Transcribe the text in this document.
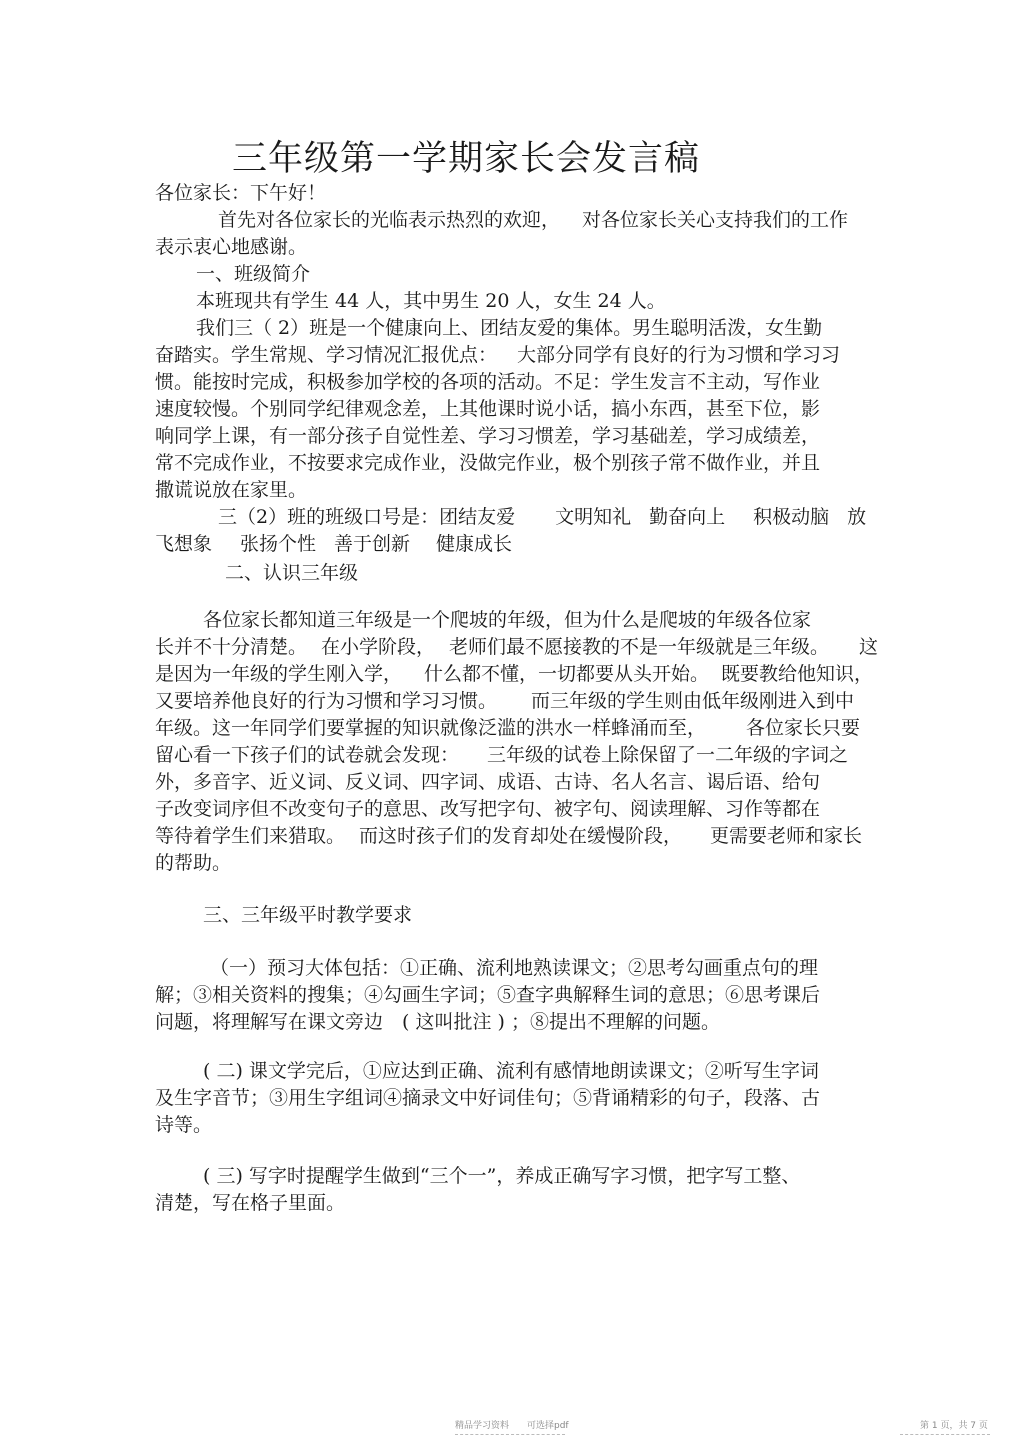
三年级第一学期家长会发言稿
各位家长：下午好！
首先对各位家长的光临表示热烈的欢迎， 对各位家长关心支持我们的工作
表示衷心地感谢。
一、班级简介
本班现共有学生 44 人，其中男生 20 人，女生 24 人。
我们三（ 2）班是一个健康向上、团结友爱的集体。男生聪明活泼，女生勤
奋踏实。学生常规、学习情况汇报优点： 大部分同学有良好的行为习惯和学习习
惯。能按时完成，积极参加学校的各项的活动。不足：学生发言不主动，写作业
速度较慢。个别同学纪律观念差，上其他课时说小话，搞小东西，甚至下位，影
响同学上课，有一部分孩子自觉性差、学习习惯差，学习基础差，学习成绩差，
常不完成作业，不按要求完成作业，没做完作业，极个别孩子常不做作业，并且
撒谎说放在家里。
三（2）班的班级口号是：团结友爱 文明知礼 勤奋向上 积极动脑 放
飞想象 张扬个性 善于创新 健康成长
二、认识三年级
各位家长都知道三年级是一个爬坡的年级，但为什么是爬坡的年级各位家
长并不十分清楚。 在小学阶段， 老师们最不愿接教的不是一年级就是三年级。 这
是因为一年级的学生刚入学， 什么都不懂，一切都要从头开始。 既要教给他知识，
又要培养他良好的行为习惯和学习习惯。 而三年级的学生则由低年级刚进入到中
年级。这一年同学们要掌握的知识就像泛滥的洪水一样蜂涌而至， 各位家长只要
留心看一下孩子们的试卷就会发现： 三年级的试卷上除保留了一二年级的字词之
外，多音字、近义词、反义词、四字词、成语、古诗、名人名言、谒后语、给句
子改变词序但不改变句子的意思、改写把字句、被字句、阅读理解、习作等都在
等待着学生们来猎取。 而这时孩子们的发育却处在缓慢阶段， 更需要老师和家长
的帮助。
三、三年级平时教学要求
（一）预习大体包括：①正确、流利地熟读课文；②思考勾画重点句的理
解；③相关资料的搜集；④勾画生字词；⑤查字典解释生词的意思；⑥思考课后
问题，将理解写在课文旁边　( 这叫批注 ) ；⑧提出不理解的问题。
( 二) 课文学完后，①应达到正确、流利有感情地朗读课文；②听写生字词
及生字音节；③用生字组词④摘录文中好词佳句；⑤背诵精彩的句子，段落、古
诗等。
( 三) 写字时提醒学生做到“三个一”，养成正确写字习惯，把字写工整、
清楚，写在格子里面。
精品学习资料　　可选择pdf	第 1 页，共 7 页
